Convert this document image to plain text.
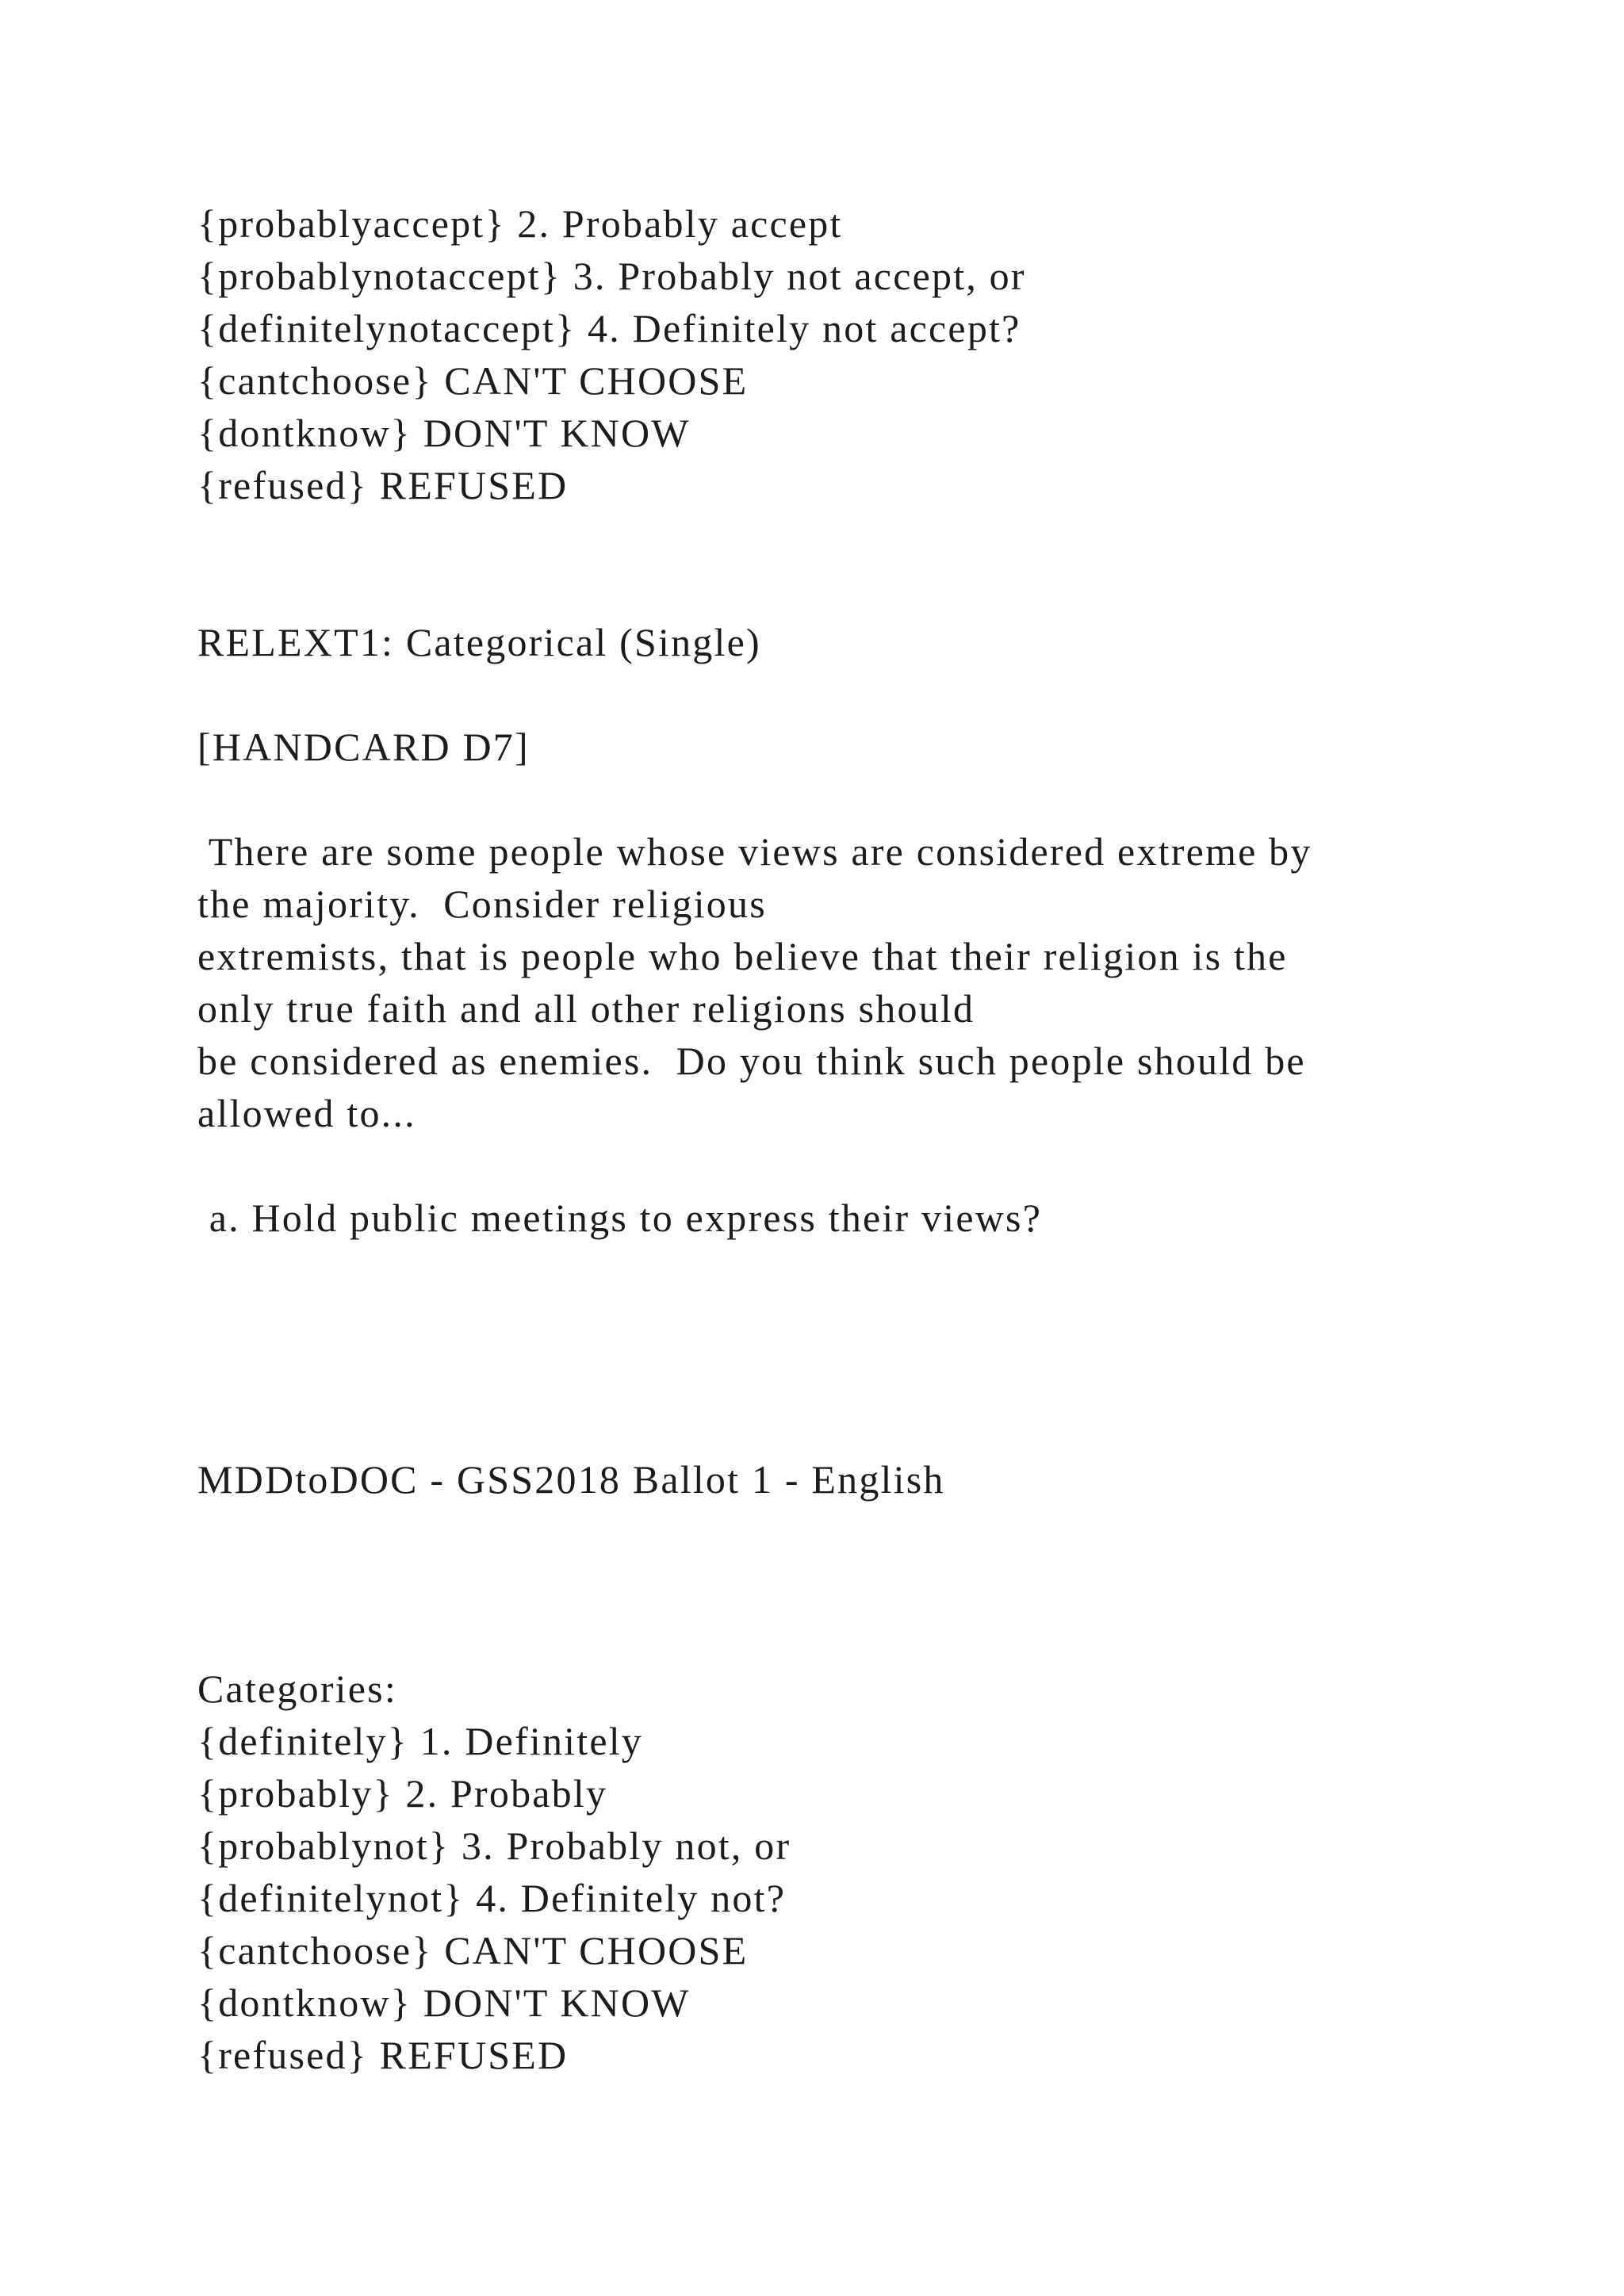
{probablyaccept} 2. Probably accept

{probablynotaccept} 3. Probably not accept, or

{definitelynotaccept} 4. Definitely not accept?

{cantchoose} CAN'T CHOOSE

{dontknow} DON'T KNOW

{refused} REFUSED

RELEXT1: Categorical (Single)

[HANDCARD D7]

There are some people whose views are considered extreme by

the majority.  Consider religious

extremists, that is people who believe that their religion is the

only true faith and all other religions should

be considered as enemies.  Do you think such people should be

allowed to...

a. Hold public meetings to express their views?

MDDtoDOC - GSS2018 Ballot 1 - English

Categories:

{definitely} 1. Definitely

{probably} 2. Probably

{probablynot} 3. Probably not, or

{definitelynot} 4. Definitely not?

{cantchoose} CAN'T CHOOSE

{dontknow} DON'T KNOW

{refused} REFUSED
